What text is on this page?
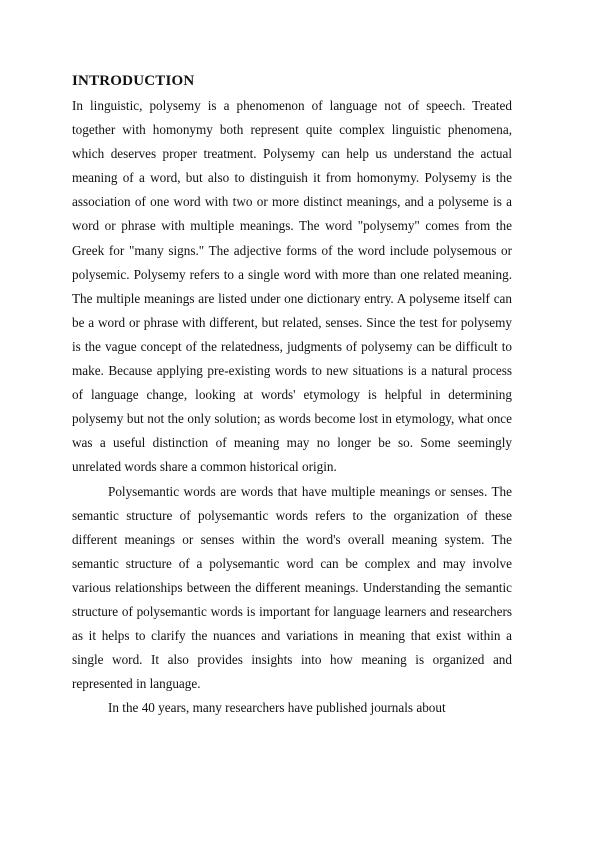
INTRODUCTION

In linguistic, polysemy is a phenomenon of language not of speech. Treated together with homonymy both represent quite complex linguistic phenomena, which deserves proper treatment. Polysemy can help us understand the actual meaning of a word, but also to distinguish it from homonymy. Polysemy is the association of one word with two or more distinct meanings, and a polyseme is a word or phrase with multiple meanings. The word "polysemy" comes from the Greek for "many signs." The adjective forms of the word include polysemous or polysemic. Polysemy refers to a single word with more than one related meaning. The multiple meanings are listed under one dictionary entry. A polyseme itself can be a word or phrase with different, but related, senses. Since the test for polysemy is the vague concept of the relatedness, judgments of polysemy can be difficult to make. Because applying pre-existing words to new situations is a natural process of language change, looking at words' etymology is helpful in determining polysemy but not the only solution; as words become lost in etymology, what once was a useful distinction of meaning may no longer be so. Some seemingly unrelated words share a common historical origin.

Polysemantic words are words that have multiple meanings or senses. The semantic structure of polysemantic words refers to the organization of these different meanings or senses within the word's overall meaning system. The semantic structure of a polysemantic word can be complex and may involve various relationships between the different meanings. Understanding the semantic structure of polysemantic words is important for language learners and researchers as it helps to clarify the nuances and variations in meaning that exist within a single word. It also provides insights into how meaning is organized and represented in language.

In the 40 years, many researchers have published journals about
